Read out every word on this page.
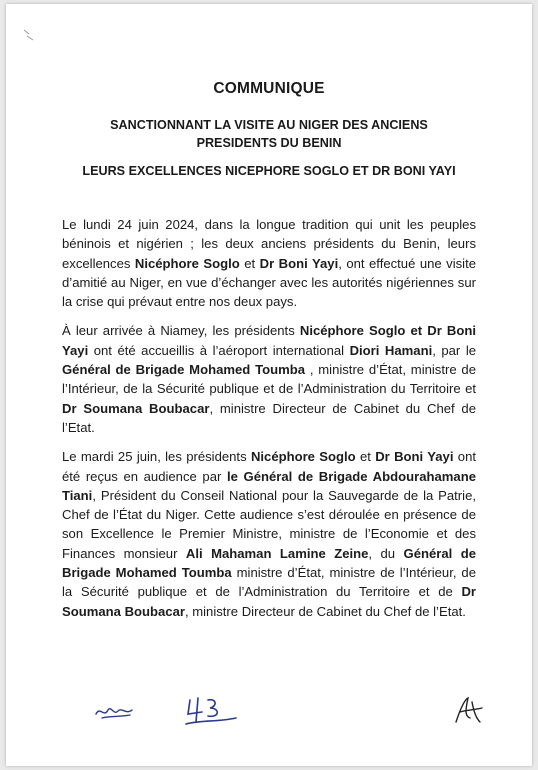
COMMUNIQUE
SANCTIONNANT LA VISITE AU NIGER DES ANCIENS
PRESIDENTS DU BENIN
LEURS EXCELLENCES NICEPHORE SOGLO ET DR BONI YAYI

Le lundi 24 juin 2024, dans la longue tradition qui unit les peuples béninois et nigérien ; les deux anciens présidents du Benin, leurs excellences Nicéphore Soglo et Dr Boni Yayi, ont effectué une visite d’amitié au Niger, en vue d’échanger avec les autorités nigériennes sur la crise qui prévaut entre nos deux pays.

À leur arrivée à Niamey, les présidents Nicéphore Soglo et Dr Boni Yayi ont été accueillis à l’aéroport international Diori Hamani, par le Général de Brigade Mohamed Toumba , ministre d’État, ministre de l’Intérieur, de la Sécurité publique et de l’Administration du Territoire et Dr Soumana Boubacar, ministre Directeur de Cabinet du Chef de l’Etat.

Le mardi 25 juin, les présidents Nicéphore Soglo et Dr Boni Yayi ont été reçus en audience par le Général de Brigade Abdourahamane Tiani, Président du Conseil National pour la Sauvegarde de la Patrie, Chef de l’État du Niger. Cette audience s’est déroulée en présence de son Excellence le Premier Ministre, ministre de l’Economie et des Finances monsieur Ali Mahaman Lamine Zeine, du Général de Brigade Mohamed Toumba ministre d’État, ministre de l’Intérieur, de la Sécurité publique et de l’Administration du Territoire et de Dr Soumana Boubacar, ministre Directeur de Cabinet du Chef de l’Etat.
